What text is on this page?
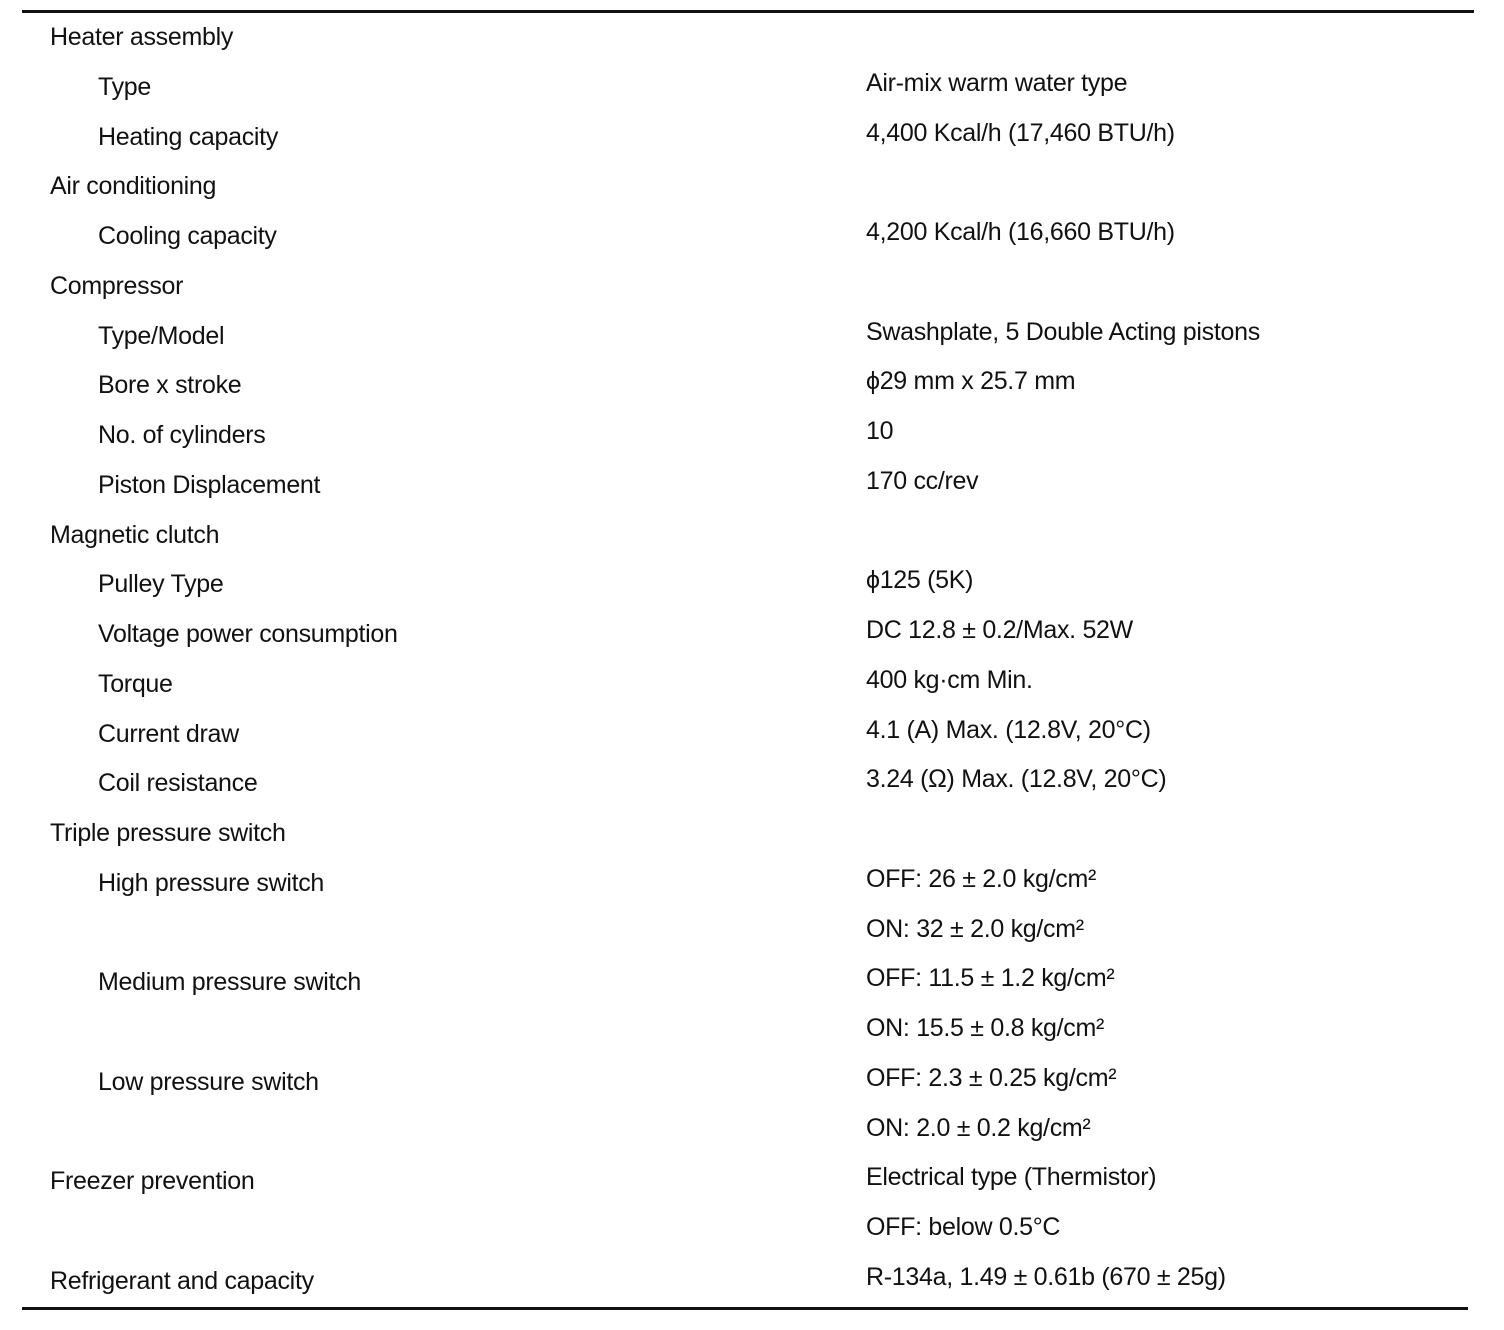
Heater assembly
Type	Air-mix warm water type
Heating capacity	4,400 Kcal/h (17,460 BTU/h)
Air conditioning
Cooling capacity	4,200 Kcal/h (16,660 BTU/h)
Compressor
Type/Model	Swashplate, 5 Double Acting pistons
Bore x stroke	ϕ29 mm x 25.7 mm
No. of cylinders	10
Piston Displacement	170 cc/rev
Magnetic clutch
Pulley Type	ϕ125 (5K)
Voltage power consumption	DC 12.8 ± 0.2/Max. 52W
Torque	400 kg·cm Min.
Current draw	4.1 (A) Max. (12.8V, 20°C)
Coil resistance	3.24 (Ω) Max. (12.8V, 20°C)
Triple pressure switch
High pressure switch	OFF: 26 ± 2.0 kg/cm²
ON: 32 ± 2.0 kg/cm²
Medium pressure switch	OFF: 11.5 ± 1.2 kg/cm²
ON: 15.5 ± 0.8 kg/cm²
Low pressure switch	OFF: 2.3 ± 0.25 kg/cm²
ON: 2.0 ± 0.2 kg/cm²
Freezer prevention	Electrical type (Thermistor)
OFF: below 0.5°C
Refrigerant and capacity	R-134a, 1.49 ± 0.61b (670 ± 25g)
